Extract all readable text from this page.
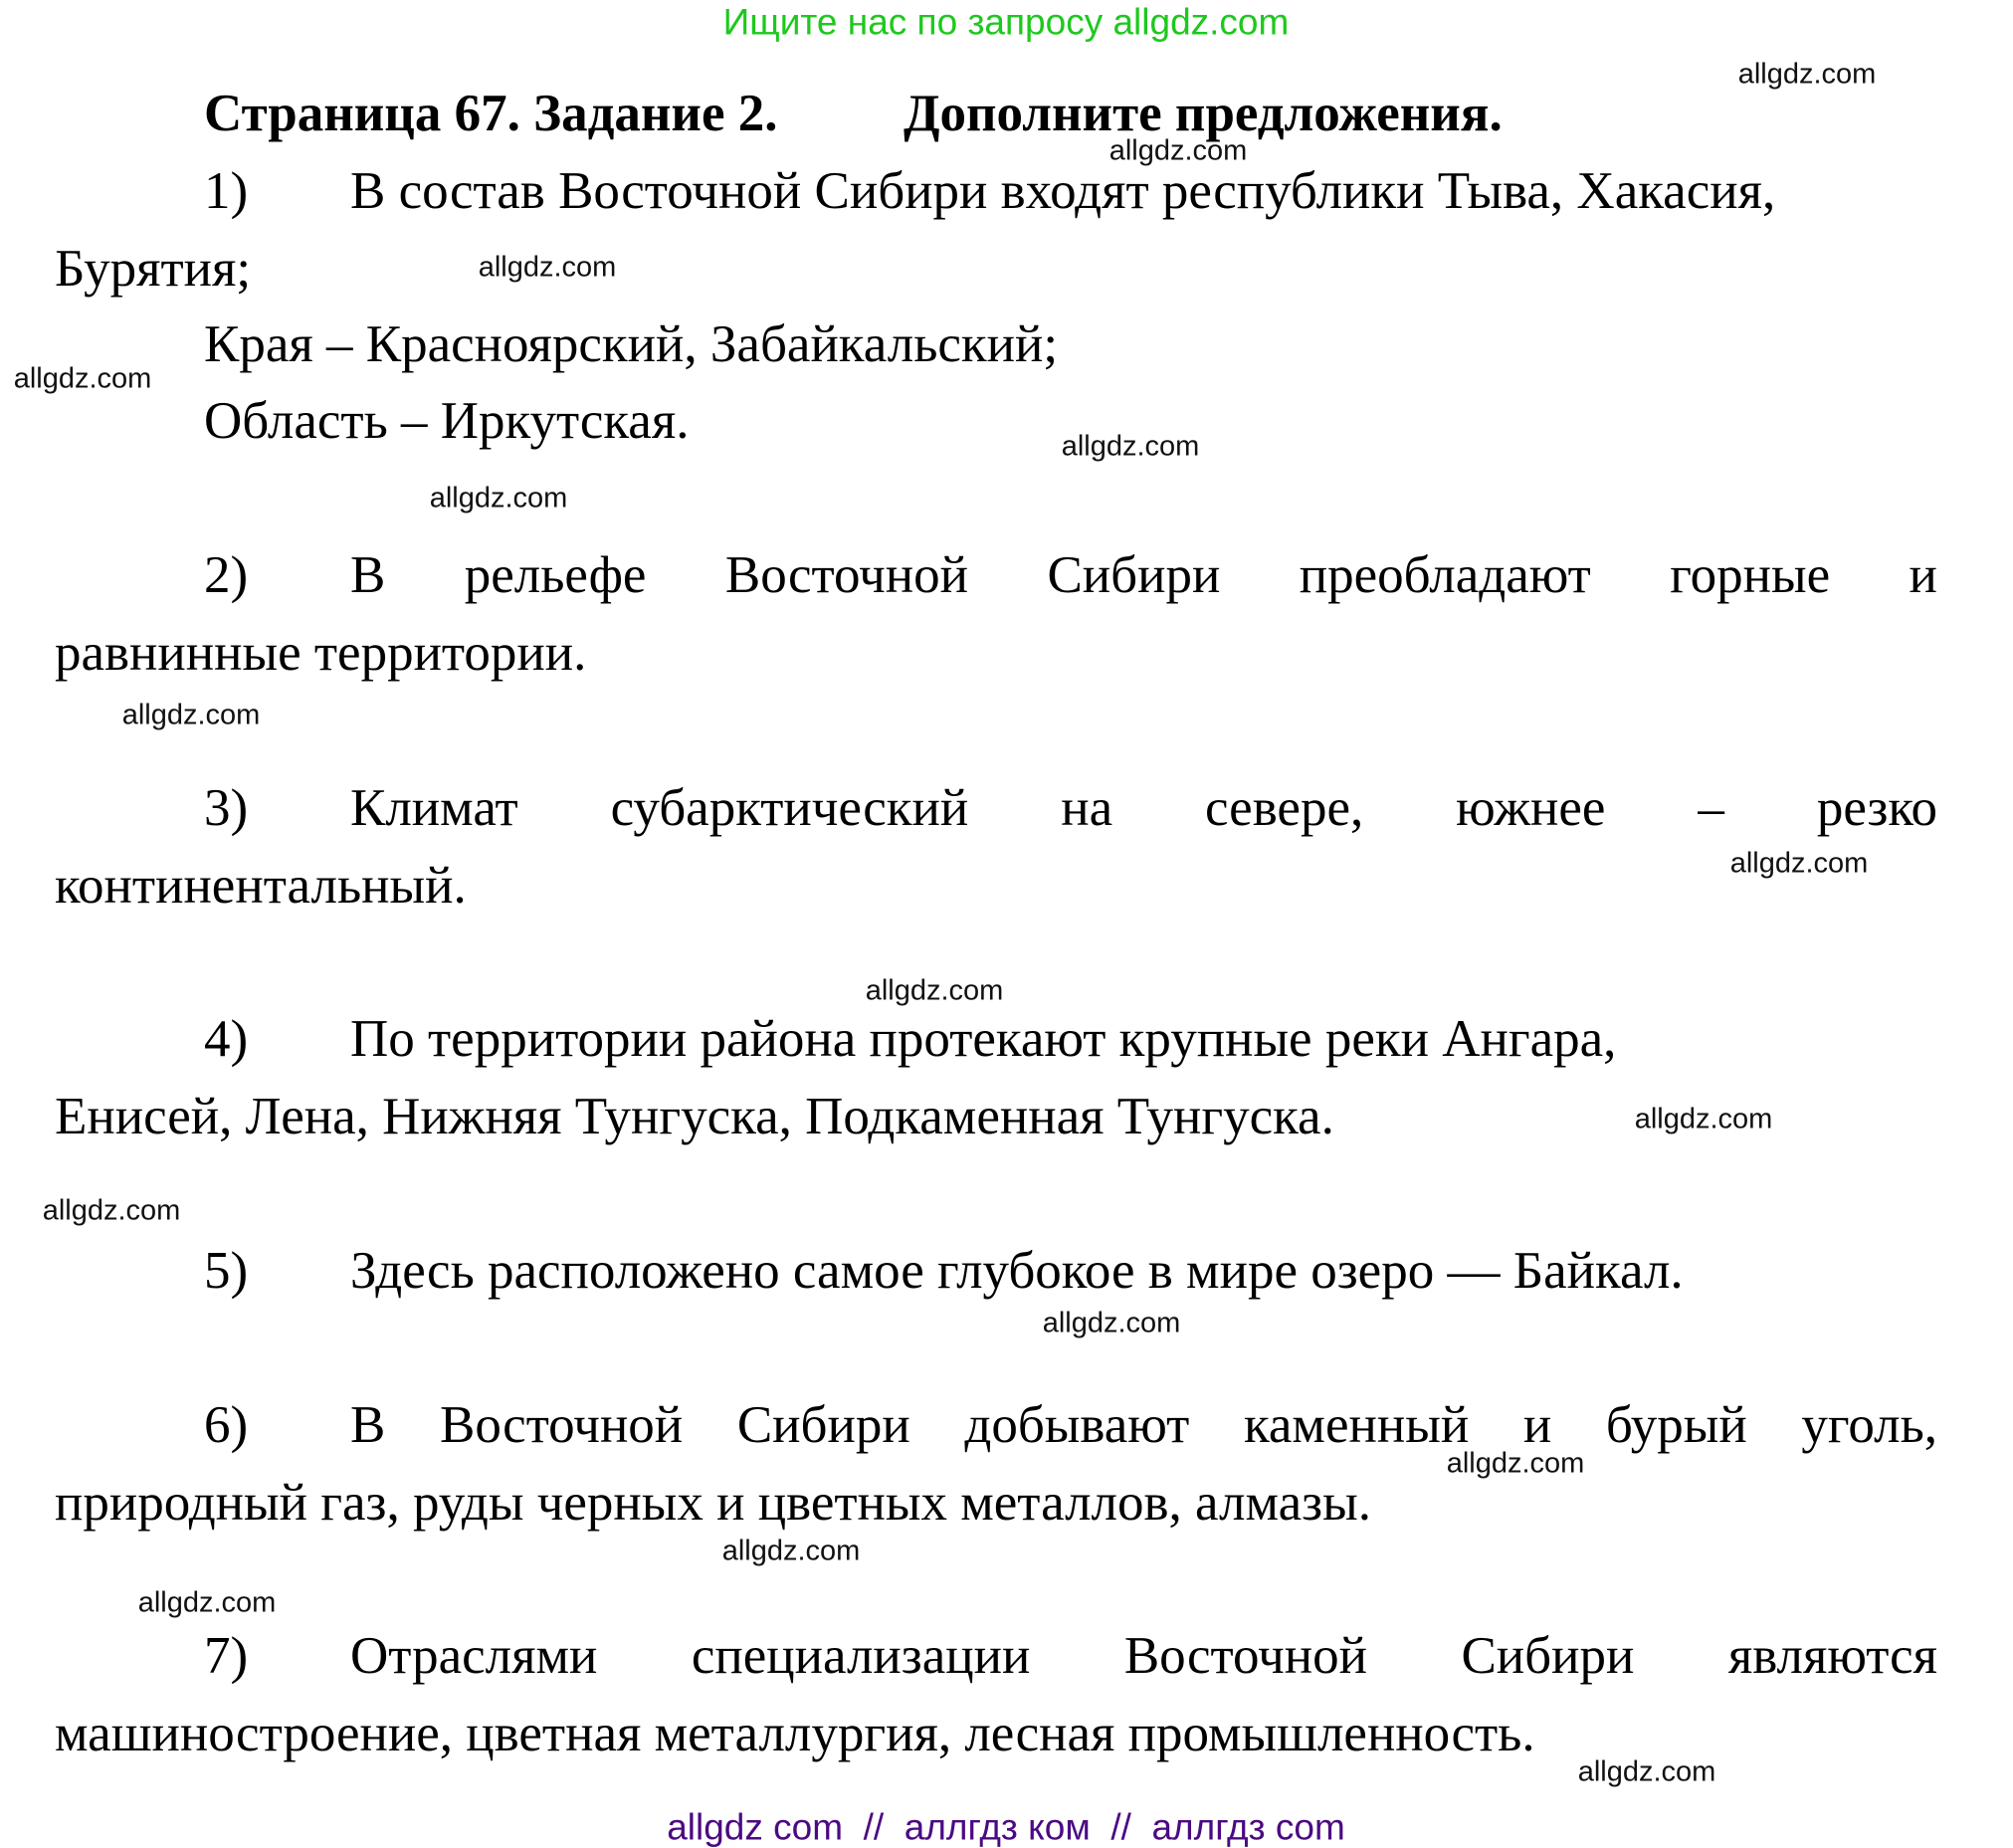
Ищите нас по запросу allgdz.com
Страница 67. Задание 2. Дополните предложения.
1)	В состав Восточной Сибири входят республики Тыва, Хакасия,
Бурятия;
Края – Красноярский, Забайкальский;
Область – Иркутская.
2)	В рельефе Восточной Сибири преобладают горные и
равнинные территории.
3)	Климат субарктический на севере, южнее – резко
континентальный.
4)	По территории района протекают крупные реки Ангара,
Енисей, Лена, Нижняя Тунгуска, Подкаменная Тунгуска.
5)	Здесь расположено самое глубокое в мире озеро — Байкал.
6)	В Восточной Сибири добывают каменный и бурый уголь,
природный газ, руды черных и цветных металлов, алмазы.
7)	Отраслями специализации Восточной Сибири являются
машиностроение, цветная металлургия, лесная промышленность.
allgdz.com
allgdz.com
allgdz.com
allgdz.com
allgdz.com
allgdz.com
allgdz.com
allgdz.com
allgdz.com
allgdz.com
allgdz.com
allgdz.com
allgdz.com
allgdz.com
allgdz.com
allgdz.com
allgdz com  //  аллгдз ком  //  аллгдз com
